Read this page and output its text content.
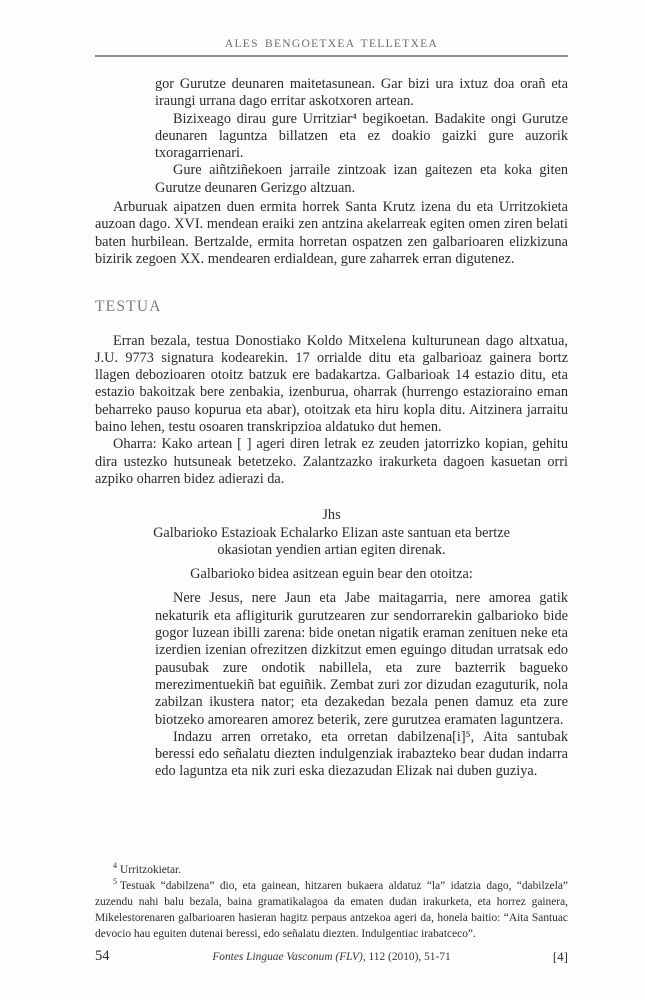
ALES BENGOETXEA TELLETXEA

gor Gurutze deunaren maitetasunean. Gar bizi ura ixtuz doa orañ eta iraungi urrana dago erritar askotxoren artean.

Bizixeago dirau gure Urritziar⁴ begikoetan. Badakite ongi Gurutze deunaren laguntza billatzen eta ez doakio gaizki gure auzorik txoragarrienari.

Gure aiñtziñekoen jarraile zintzoak izan gaitezen eta koka giten Gurutze deunaren Gerizgo altzuan.

Arburuak aipatzen duen ermita horrek Santa Krutz izena du eta Urritzokieta auzoan dago. XVI. mendean eraiki zen antzina akelarreak egiten omen ziren belati baten hurbilean. Bertzalde, ermita horretan ospatzen zen galbarioaren elizkizuna bizirik zegoen XX. mendearen erdialdean, gure zaharrek erran digutenez.

TESTUA

Erran bezala, testua Donostiako Koldo Mitxelena kulturunean dago altxatua, J.U. 9773 signatura kodearekin. 17 orrialde ditu eta galbarioaz gainera bortz llagen debozioaren otoitz batzuk ere badakartza. Galbarioak 14 estazio ditu, eta estazio bakoitzak bere zenbakia, izenburua, oharrak (hurrengo estazioraino eman beharreko pauso kopurua eta abar), otoitzak eta hiru kopla ditu. Aitzinera jarraitu baino lehen, testu osoaren transkripzioa aldatuko dut hemen.

Oharra: Kako artean [ ] ageri diren letrak ez zeuden jatorrizko kopian, gehitu dira ustezko hutsuneak betetzeko. Zalantzazko irakurketa dagoen kasuetan orri azpiko oharren bidez adierazi da.

Jhs

Galbarioko Estazioak Echalarko Elizan aste santuan eta bertze okasiotan yendien artian egiten direnak.

Galbarioko bidea asitzean eguin bear den otoitza:

Nere Jesus, nere Jaun eta Jabe maitagarria, nere amorea gatik nekaturik eta afligiturik gurutzearen zur sendorrarekin galbarioko bide gogor luzean ibilli zarena: bide onetan nigatik eraman zenituen neke eta izerdien izenian ofrezitzen dizkitzut emen eguingo ditudan urratsak edo pausubak zure ondotik nabillela, eta zure bazterrik bagueko merezimentuekiñ bat eguiñik. Zembat zuri zor dizudan ezaguturik, nola zabilzan ikustera nator; eta dezakedan bezala penen damuz eta zure biotzeko amorearen amorez beterik, zere gurutzea eramaten laguntzera.

Indazu arren orretako, eta orretan dabilzena[i]⁵, Aita santubak beressi edo señalatu diezten indulgenziak irabazteko bear dudan indarra edo laguntza eta nik zuri eska diezazudan Elizak nai duben guziya.

$^4$ Urritzokietar.

$^5$ Testuak “dabilzena” dio, eta gainean, hitzaren bukaera aldatuz “la” idatzia dago, “dabilzela” zuzendu nahi balu bezala, baina gramatikalagoa da ematen dudan irakurketa, eta horrez gainera, Mikelestorenaren galbarioaren hasieran hagitz perpaus antzekoa ageri da, honela baitio: “Aita Santuac devocio hau eguiten dutenai beressi, edo señalatu diezten. Indulgentiac irabatceco”.

54	Fontes Linguae Vasconum (FLV), 112 (2010), 51-71	[4]
